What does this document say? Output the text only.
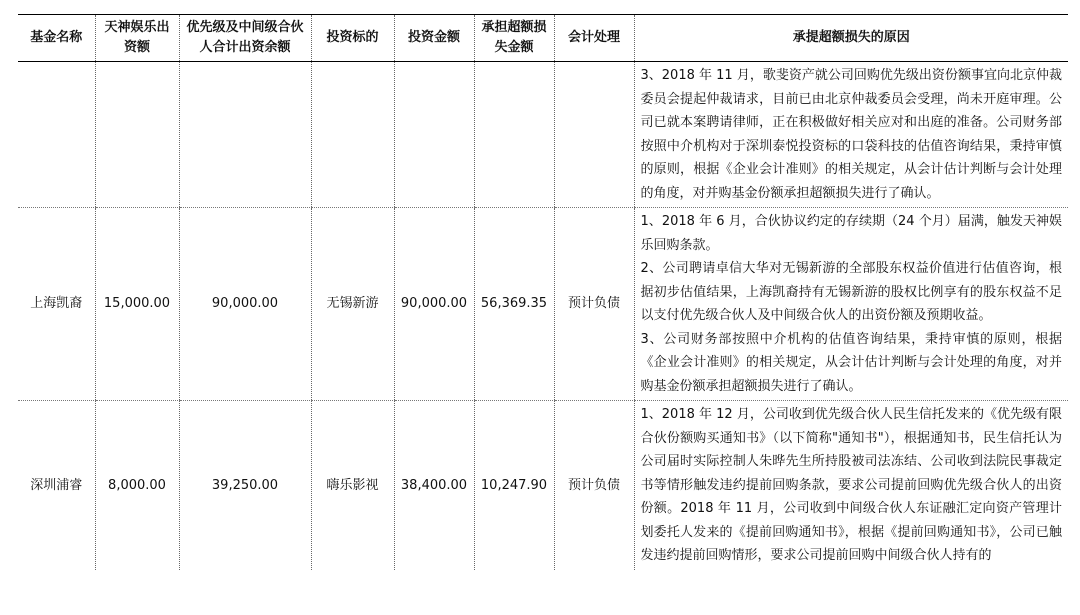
基金名称	天神娱乐出资额	优先级及中间级合伙人合计出资余额	投资标的	投资金额	承担超额损失金额	会计处理	承提超额损失的原因

							3、2018 年 11 月，歌斐资产就公司回购优先级出资份额事宜向北京仲裁委员会提起仲裁请求，目前已由北京仲裁委员会受理，尚未开庭审理。公司已就本案聘请律师，正在积极做好相关应对和出庭的准备。公司财务部按照中介机构对于深圳泰悦投资标的口袋科技的估值咨询结果，秉持审慎的原则，根据《企业会计准则》的相关规定，从会计估计判断与会计处理的角度，对并购基金份额承担超额损失进行了确认。

上海凯裔	15,000.00	90,000.00	无锡新游	90,000.00	56,369.35	预计负债	1、2018 年 6 月，合伙协议约定的存续期（24 个月）届满，触发天神娱乐回购条款。

2、公司聘请卓信大华对无锡新游的全部股东权益价值进行估值咨询，根据初步估值结果，上海凯裔持有无锡新游的股权比例享有的股东权益不足以支付优先级合伙人及中间级合伙人的出资份额及预期收益。

3、公司财务部按照中介机构的估值咨询结果，秉持审慎的原则，根据《企业会计准则》的相关规定，从会计估计判断与会计处理的角度，对并购基金份额承担超额损失进行了确认。

深圳浦睿	8,000.00	39,250.00	嗨乐影视	38,400.00	10,247.90	预计负债	1、2018 年 12 月，公司收到优先级合伙人民生信托发来的《优先级有限合伙份额购买通知书》（以下简称"通知书"），根据通知书，民生信托认为公司届时实际控制人朱晔先生所持股被司法冻结、公司收到法院民事裁定书等情形触发违约提前回购条款，要求公司提前回购优先级合伙人的出资份额。2018 年 11 月，公司收到中间级合伙人东证融汇定向资产管理计划委托人发来的《提前回购通知书》，根据《提前回购通知书》，公司已触发违约提前回购情形，要求公司提前回购中间级合伙人持有的
